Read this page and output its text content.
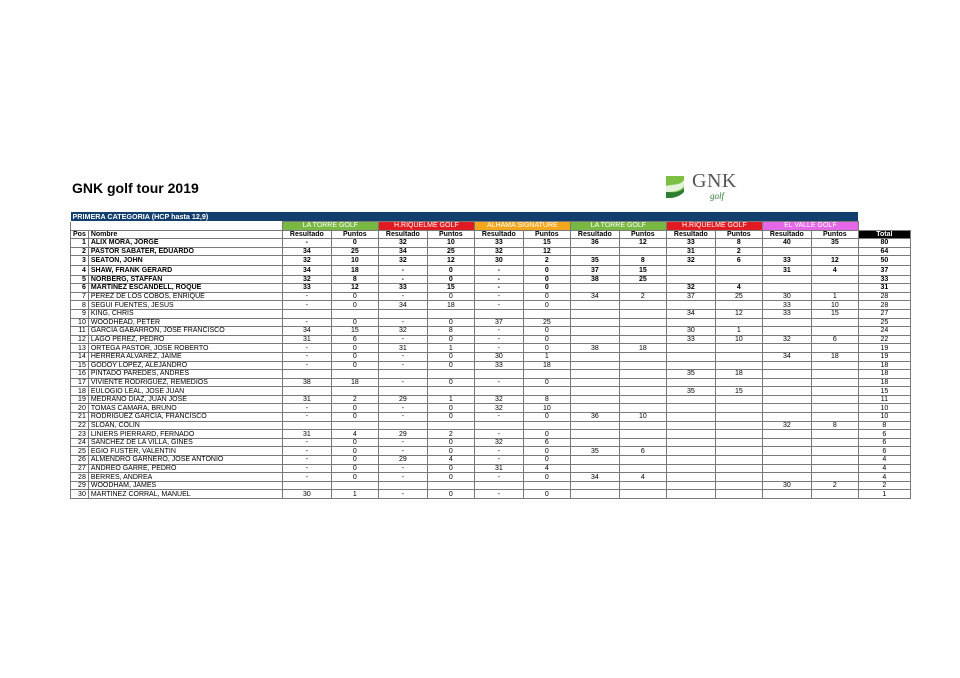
GNK golf tour 2019	GNK
golf
PRIMERA CATEGORIA (HCP hasta 12,9)														
		LA TORRE GOLF		H.RIQUELME GOLF		ALHAMA SIGNATURE		LA TORRE GOLF		H.RIQUELME GOLF		EL VALLE GOLF		
Pos	Nombre	Resultado	Puntos	Resultado	Puntos	Resultado	Puntos	Resultado	Puntos	Resultado	Puntos	Resultado	Puntos	Total
1	ALIX MORA, JORGE	-	0	32	10	33	15	36	12	33	8	40	35	80
2	PASTOR SABATER, EDUARDO	34	25	34	25	32	12			31	2			64
3	SEATON, JOHN	32	10	32	12	30	2	35	8	32	6	33	12	50
4	SHAW, FRANK GERARD	34	18	-	0	-	0	37	15			31	4	37
5	NORBERG, STAFFAN	32	8	-	0	-	0	38	25					33
6	MARTINEZ ESCANDELL, ROQUE	33	12	33	15	-	0			32	4			31
7	PEREZ DE LOS COBOS, ENRIQUE	-	0	-	0	-	0	34	2	37	25	30	1	28
8	SEGUI FUENTES, JESUS	-	0	34	18	-	0					33	10	28
9	KING, CHRIS									34	12	33	15	27
10	WOODHEAD, PETER	-	0	-	0	37	25							25
11	GARCIA GABARRON, JOSE FRANCISCO	34	15	32	8	-	0			30	1			24
12	LAGO PEREZ, PEDRO	31	6	-	0	-	0			33	10	32	6	22
13	ORTEGA PASTOR, JOSE ROBERTO	-	0	31	1	-	0	38	18					19
14	HERRERA ALVAREZ, JAIME	-	0	-	0	30	1					34	18	19
15	GODOY LOPEZ, ALEJANDRO	-	0	-	0	33	18							18
16	PINTADO PAREDES, ANDRES									35	18			18
17	VIVIENTE RODRIGUEZ, REMEDIOS	38	18	-	0	-	0							18
18	EULOGIO LEAL, JOSE JUAN									35	15			15
19	MEDRANO DIAZ, JUAN JOSE	31	2	29	1	32	8							11
20	TOMAS CAMARA, BRUNO	-	0	-	0	32	10							10
21	RODRIGUEZ GARCIA, FRANCISCO	-	0	-	0	-	0	36	10					10
22	SLOAN, COLIN											32	8	8
23	LINIERS PIERRARD, FERNADO	31	4	29	2	-	0							6
24	SANCHEZ DE LA VILLA, GINES	-	0	-	0	32	6							6
25	EGIO FUSTER, VALENTIN	-	0	-	0	-	0	35	6					6
26	ALMENDRO GARNERO, JOSE ANTONIO	-	0	29	4	-	0							4
27	ANDREO GARRE, PEDRO	-	0	-	0	31	4							4
28	BERRES, ANDREA	-	0	-	0	-	0	34	4					4
29	WOODHAM, JAMES											30	2	2
30	MARTINEZ CORRAL, MANUEL	30	1	-	0	-	0							1
